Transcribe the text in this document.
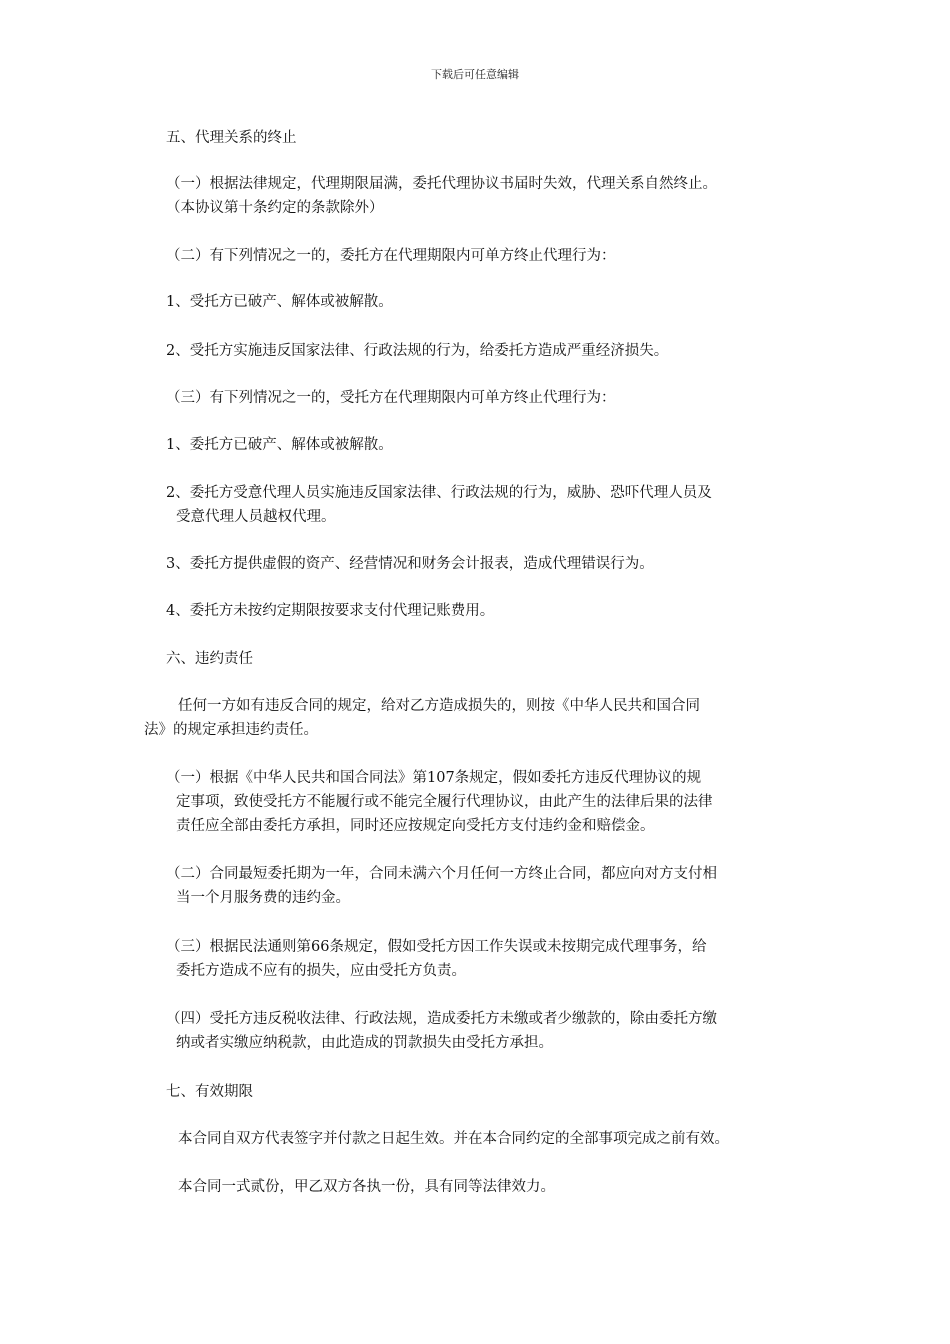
下载后可任意编辑
五、代理关系的终止
（一）根据法律规定，代理期限届满，委托代理协议书届时失效，代理关系自然终止。
（本协议第十条约定的条款除外）
（二）有下列情况之一的，委托方在代理期限内可单方终止代理行为：
1、受托方已破产、解体或被解散。
2、受托方实施违反国家法律、行政法规的行为，给委托方造成严重经济损失。
（三）有下列情况之一的，受托方在代理期限内可单方终止代理行为：
1、委托方已破产、解体或被解散。
2、委托方受意代理人员实施违反国家法律、行政法规的行为，威胁、恐吓代理人员及
受意代理人员越权代理。
3、委托方提供虚假的资产、经营情况和财务会计报表，造成代理错误行为。
4、委托方未按约定期限按要求支付代理记账费用。
六、违约责任
任何一方如有违反合同的规定，给对乙方造成损失的，则按《中华人民共和国合同
法》的规定承担违约责任。
（一）根据《中华人民共和国合同法》第107条规定，假如委托方违反代理协议的规
定事项，致使受托方不能履行或不能完全履行代理协议，由此产生的法律后果的法律
责任应全部由委托方承担，同时还应按规定向受托方支付违约金和赔偿金。
（二）合同最短委托期为一年，合同未满六个月任何一方终止合同，都应向对方支付相
当一个月服务费的违约金。
（三）根据民法通则第66条规定，假如受托方因工作失误或未按期完成代理事务，给
委托方造成不应有的损失，应由受托方负责。
（四）受托方违反税收法律、行政法规，造成委托方未缴或者少缴款的，除由委托方缴
纳或者实缴应纳税款，由此造成的罚款损失由受托方承担。
七、有效期限
本合同自双方代表签字并付款之日起生效。并在本合同约定的全部事项完成之前有效。
本合同一式贰份，甲乙双方各执一份，具有同等法律效力。
